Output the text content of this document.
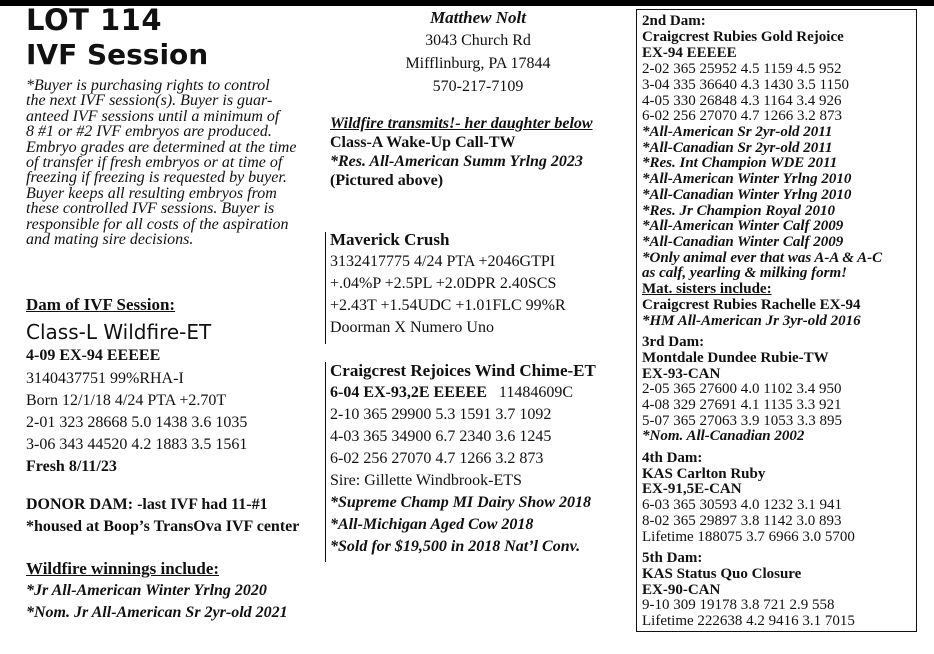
LOT 114
IVF Session
*Buyer is purchasing rights to control
the next IVF session(s). Buyer is guar-
anteed IVF sessions until a minimum of
8 #1 or #2 IVF embryos are produced.
Embryo grades are determined at the time
of transfer if fresh embryos or at time of
freezing if freezing is requested by buyer.
Buyer keeps all resulting embryos from
these controlled IVF sessions. Buyer is
responsible for all costs of the aspiration
and mating sire decisions.
Dam of IVF Session:
Class-L Wildfire-ET
4-09 EX-94 EEEEE
3140437751 99%RHA-I
Born 12/1/18 4/24 PTA +2.70T
2-01 323 28668 5.0 1438 3.6 1035
3-06 343 44520 4.2 1883 3.5 1561
Fresh 8/11/23
DONOR DAM: -last IVF had 11-#1
*housed at Boop’s TransOva IVF center
Wildfire winnings include:
*Jr All-American Winter Yrlng 2020
*Nom. Jr All-American Sr 2yr-old 2021
Matthew Nolt
3043 Church Rd
Mifflinburg, PA 17844
570-217-7109
Wildfire transmits!- her daughter below
Class-A Wake-Up Call-TW
*Res. All-American Summ Yrlng 2023
(Pictured above)
Maverick Crush
3132417775 4/24 PTA +2046GTPI
+.04%P +2.5PL +2.0DPR 2.40SCS
+2.43T +1.54UDC +1.01FLC 99%R
Doorman X Numero Uno
Craigcrest Rejoices Wind Chime-ET
6-04 EX-93,2E EEEEE 11484609C
2-10 365 29900 5.3 1591 3.7 1092
4-03 365 34900 6.7 2340 3.6 1245
6-02 256 27070 4.7 1266 3.2 873
Sire: Gillette Windbrook-ETS
*Supreme Champ MI Dairy Show 2018
*All-Michigan Aged Cow 2018
*Sold for $19,500 in 2018 Nat’l Conv.
2nd Dam:
Craigcrest Rubies Gold Rejoice
EX-94 EEEEE
2-02 365 25952 4.5 1159 4.5 952
3-04 335 36640 4.3 1430 3.5 1150
4-05 330 26848 4.3 1164 3.4 926
6-02 256 27070 4.7 1266 3.2 873
*All-American Sr 2yr-old 2011
*All-Canadian Sr 2yr-old 2011
*Res. Int Champion WDE 2011
*All-American Winter Yrlng 2010
*All-Canadian Winter Yrlng 2010
*Res. Jr Champion Royal 2010
*All-American Winter Calf 2009
*All-Canadian Winter Calf 2009
*Only animal ever that was A-A & A-C
as calf, yearling & milking form!
Mat. sisters include:
Craigcrest Rubies Rachelle EX-94
*HM All-American Jr 3yr-old 2016
3rd Dam:
Montdale Dundee Rubie-TW
EX-93-CAN
2-05 365 27600 4.0 1102 3.4 950
4-08 329 27691 4.1 1135 3.3 921
5-07 365 27063 3.9 1053 3.3 895
*Nom. All-Canadian 2002
4th Dam:
KAS Carlton Ruby
EX-91,5E-CAN
6-03 365 30593 4.0 1232 3.1 941
8-02 365 29897 3.8 1142 3.0 893
Lifetime 188075 3.7 6966 3.0 5700
5th Dam:
KAS Status Quo Closure
EX-90-CAN
9-10 309 19178 3.8 721 2.9 558
Lifetime 222638 4.2 9416 3.1 7015
